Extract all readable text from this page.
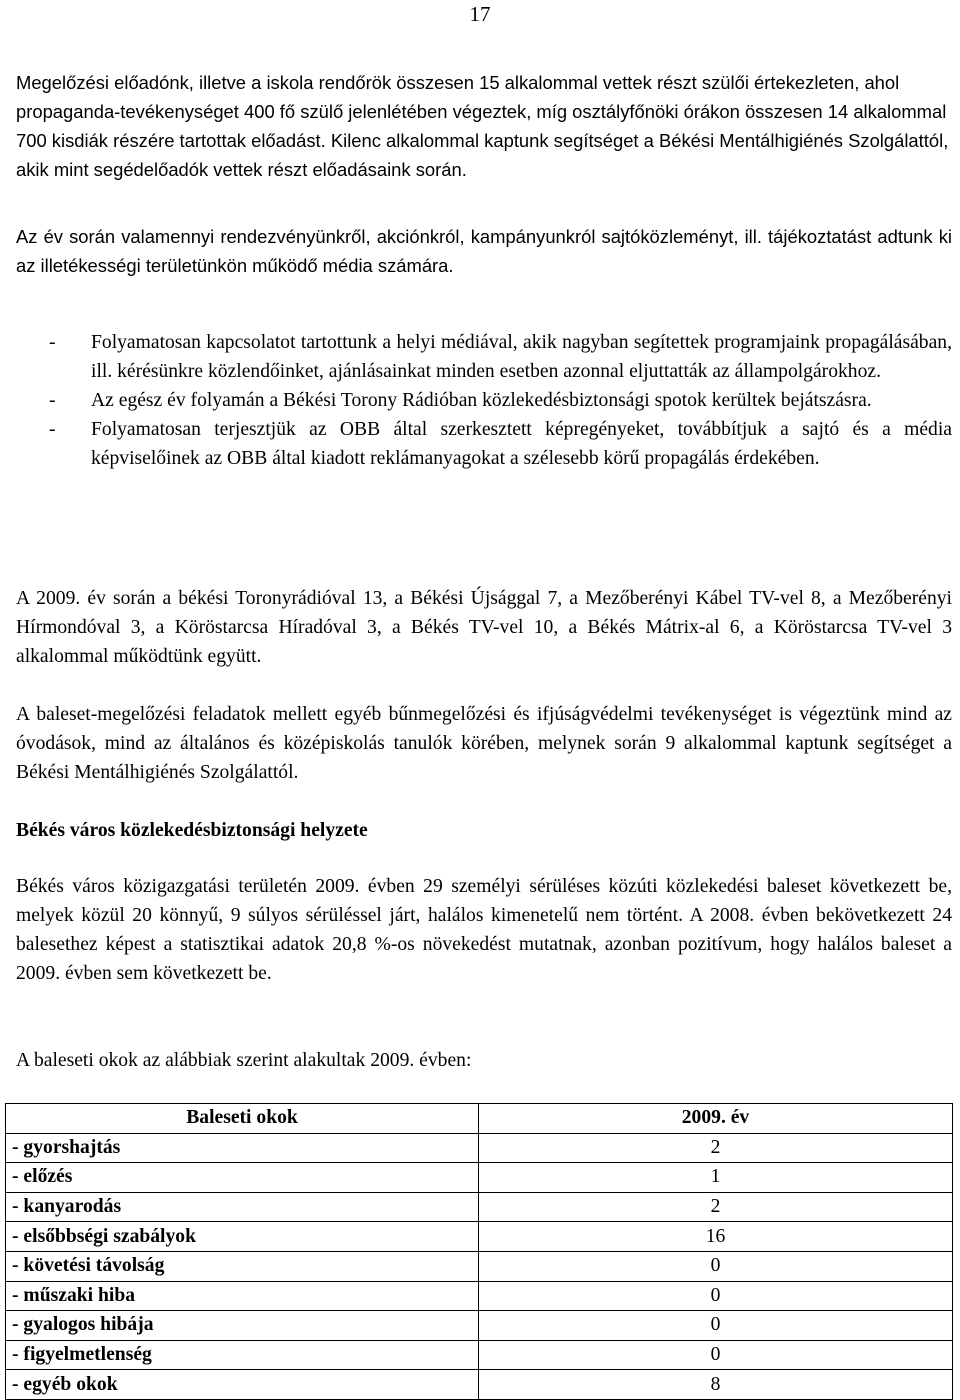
17

Megelőzési előadónk, illetve a iskola rendőrök összesen 15 alkalommal vettek részt szülői értekezleten, ahol propaganda-tevékenységet 400 fő szülő jelenlétében végeztek, míg osztályfőnöki órákon összesen 14 alkalommal 700 kisdiák részére tartottak előadást. Kilenc alkalommal kaptunk segítséget a Békési Mentálhigiénés Szolgálattól, akik mint segédelőadók vettek részt előadásaink során.

Az év során valamennyi rendezvényünkről, akciónkról, kampányunkról sajtóközleményt, ill. tájékoztatást adtunk ki az illetékességi területünkön működő média számára.

- Folyamatosan kapcsolatot tartottunk a helyi médiával, akik nagyban segítettek programjaink propagálásában, ill. kérésünkre közlendőinket, ajánlásainkat minden esetben azonnal eljuttatták az állampolgárokhoz.
- Az egész év folyamán a Békési Torony Rádióban közlekedésbiztonsági spotok kerültek bejátszásra.
- Folyamatosan terjesztjük az OBB által szerkesztett képregényeket, továbbítjuk a sajtó és a média képviselőinek az OBB által kiadott reklámanyagokat a szélesebb körű propagálás érdekében.

A 2009. év során a békési Toronyrádióval 13, a Békési Újsággal 7, a Mezőberényi Kábel TV-vel 8, a Mezőberényi Hírmondóval 3, a Köröstarcsa Híradóval 3, a Békés TV-vel 10, a Békés Mátrix-al 6, a Köröstarcsa TV-vel 3 alkalommal működtünk együtt.

A baleset-megelőzési feladatok mellett egyéb bűnmegelőzési és ifjúságvédelmi tevékenységet is végeztünk mind az óvodások, mind az általános és középiskolás tanulók körében, melynek során 9 alkalommal kaptunk segítséget a Békési Mentálhigiénés Szolgálattól.

Békés város közlekedésbiztonsági helyzete

Békés város közigazgatási területén 2009. évben 29 személyi sérüléses közúti közlekedési baleset következett be, melyek közül 20 könnyű, 9 súlyos sérüléssel járt, halálos kimenetelű nem történt. A 2008. évben bekövetkezett 24 balesethez képest a statisztikai adatok 20,8 %-os növekedést mutatnak, azonban pozitívum, hogy halálos baleset a 2009. évben sem következett be.

A baleseti okok az alábbiak szerint alakultak 2009. évben:

Baleseti okok	2009. év
- gyorshajtás	2
- előzés	1
- kanyarodás	2
- elsőbbségi szabályok	16
- követési távolság	0
- műszaki hiba	0
- gyalogos hibája	0
- figyelmetlenség	0
- egyéb okok	8
